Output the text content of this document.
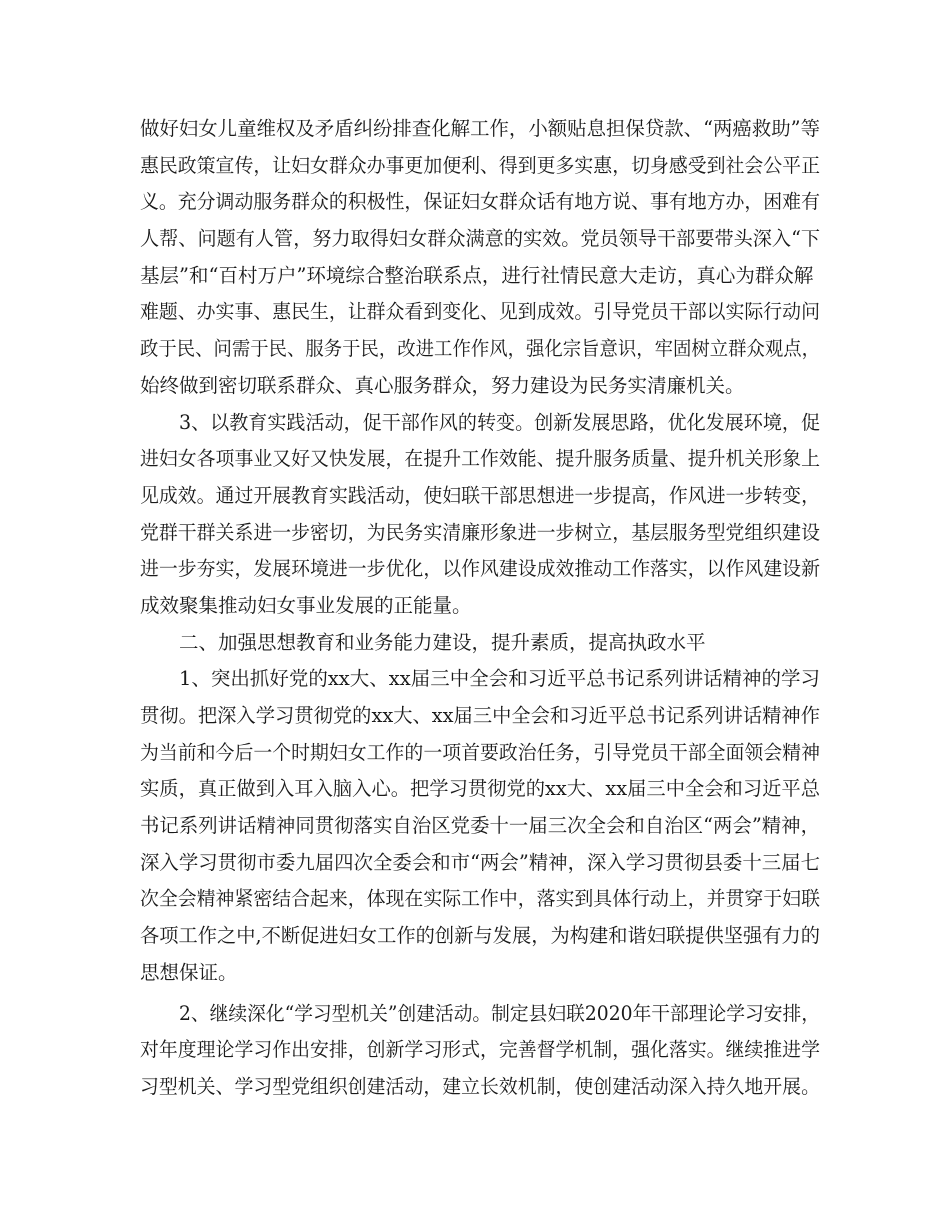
做好妇女儿童维权及矛盾纠纷排查化解工作，小额贴息担保贷款、“两癌救助”等
惠民政策宣传，让妇女群众办事更加便利、得到更多实惠，切身感受到社会公平正
义。充分调动服务群众的积极性，保证妇女群众话有地方说、事有地方办，困难有
人帮、问题有人管，努力取得妇女群众满意的实效。党员领导干部要带头深入“下
基层”和“百村万户”环境综合整治联系点，进行社情民意大走访，真心为群众解
难题、办实事、惠民生，让群众看到变化、见到成效。引导党员干部以实际行动问
政于民、问需于民、服务于民，改进工作作风，强化宗旨意识，牢固树立群众观点，
始终做到密切联系群众、真心服务群众，努力建设为民务实清廉机关。
3、以教育实践活动，促干部作风的转变。创新发展思路，优化发展环境，促
进妇女各项事业又好又快发展，在提升工作效能、提升服务质量、提升机关形象上
见成效。通过开展教育实践活动，使妇联干部思想进一步提高，作风进一步转变，
党群干群关系进一步密切，为民务实清廉形象进一步树立，基层服务型党组织建设
进一步夯实，发展环境进一步优化，以作风建设成效推动工作落实，以作风建设新
成效聚集推动妇女事业发展的正能量。
二、加强思想教育和业务能力建设，提升素质，提高执政水平
1、突出抓好党的xx大、xx届三中全会和习近平总书记系列讲话精神的学习
贯彻。把深入学习贯彻党的xx大、xx届三中全会和习近平总书记系列讲话精神作
为当前和今后一个时期妇女工作的一项首要政治任务，引导党员干部全面领会精神
实质，真正做到入耳入脑入心。把学习贯彻党的xx大、xx届三中全会和习近平总
书记系列讲话精神同贯彻落实自治区党委十一届三次全会和自治区“两会”精神，
深入学习贯彻市委九届四次全委会和市“两会”精神，深入学习贯彻县委十三届七
次全会精神紧密结合起来，体现在实际工作中，落实到具体行动上，并贯穿于妇联
各项工作之中,不断促进妇女工作的创新与发展，为构建和谐妇联提供坚强有力的
思想保证。
2、继续深化“学习型机关”创建活动。制定县妇联2020年干部理论学习安排，
对年度理论学习作出安排，创新学习形式，完善督学机制，强化落实。继续推进学
习型机关、学习型党组织创建活动，建立长效机制，使创建活动深入持久地开展。
